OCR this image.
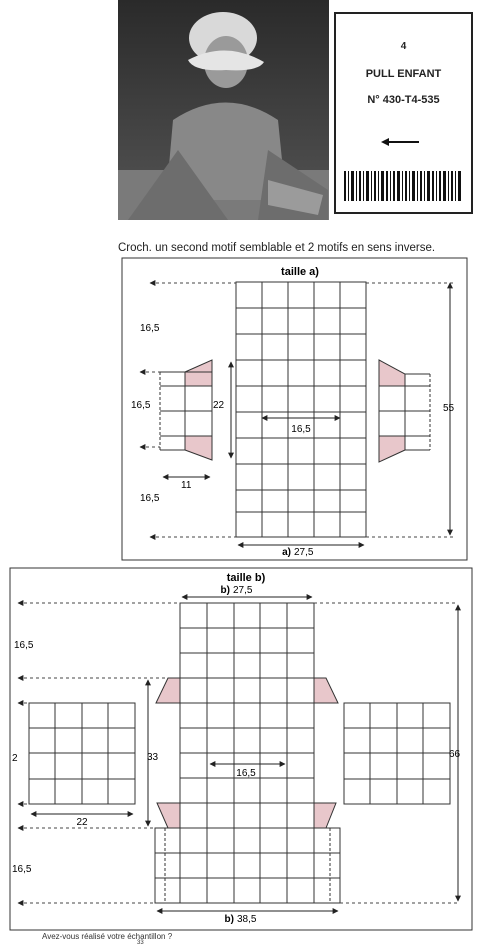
4
PULL ENFANT
N° 430-T4-535
Croch. un second motif semblable et 2 motifs en sens inverse.
taille a)
16,5
16,5	22
16,5
55
11
16,5
a) 27,5
taille b)
b) 27,5
16,5
2	33
16,5
66
22
16,5
b) 38,5
Avez-vous réalisé votre échantillon ?
33
